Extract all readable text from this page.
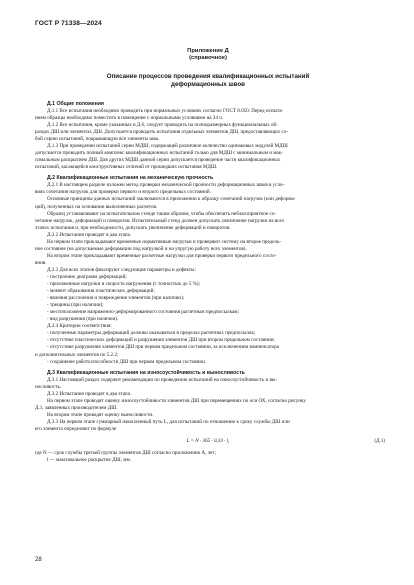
ГОСТ Р 71338—2024
Приложение Д
(справочное)
Описание процессов проведения квалификационных испытаний
деформационных швов
Д.1 Общие положения
Д.1.1 Все испытания необходимо проводить при нормальных условиях согласно ГОСТ 8.050. Перед испыта-
нием образцы необходимо поместить в помещение с нормальными условиями на 24 ч.
Д.1.2 Все испытания, кроме указанных в Д.6, следует проводить на полноразмерных функциональных об-
разцах ДШ или элементах ДШ. Допускается проводить испытания отдельных элементов ДШ, предоставляющих со-
бой серию испытаний, покрывающую все элементы шва.
Д.1.3 При проведении испытаний серии МДШ, содержащей различное количество одинаковых модулей МДШ
допускается проводить полный комплекс квалификационных испытаний только для МДШ с минимальным и мак-
симальным раскрытием ДШ. Для других МДШ данной серии допускается проведение части квалификационных
испытаний, касающейся конструктивных отличий от прошедших испытания МДШ.
Д.2 Квалификационные испытания на механическую прочность
Д.2.1 В настоящем разделе изложен метод проверки механической прочности деформационных швов в усло-
виях сочетания нагрузок для проверки первого и второго предельных состояний.
Основные принципы данных испытаний заключаются в приложении к образцу сочетаний нагрузок (или деформа-
ций), полученных на основании выполненных расчетов.
Образец устанавливают на испытательном стенде таким образом, чтобы обеспечить неблагоприятное со-
четание нагрузок, деформаций и поворотов. Испытательный стенд должен допускать увеличение нагрузки на всех
этапах испытания и, при необходимости, допускать увеличение деформаций и поворотов.
Д.2.2 Испытания проводят в два этапа.
На первом этапе прикладывают временные нормативные нагрузки и проверяют систему на второе предель-
ное состояние (на допускаемые деформации под нагрузкой и на упругую работу всех элементов).
На втором этапе прикладывают временные расчетные нагрузки для проверки первого предельного состо-
яния.
Д.2.3 Для всех этапов фиксируют следующие параметры и дефекты:
- построение диаграмм деформаций;
- приложенные нагрузки и скорость нагружения (с точностью до 5 %);
- момент образования пластических деформаций;
- явления расслоения и повреждения элементов (при наличии);
- трещины (при наличии);
- местоположение напряженно-деформированного состояния расчетным предпосылкам;
- вид разрушения (при наличии).
Д.2.4 Критерии соответствия:
- полученные параметры деформаций должны оказываться в пределах расчетных предпосылок;
- отсутствие пластических деформаций и разрушения элементов ДШ при втором предельном состоянии;
- отсутствие разрушения элементов ДШ при первом предельном состоянии, за исключением компенсатора
и дополнительных элементов по 5.2.2;
- сохранение работоспособности ДШ при первом предельном состоянии.
Д.3 Квалификационные испытания на износоустойчивость и выносливость
Д.3.1 Настоящий раздел содержит рекомендации по проведению испытаний на износоустойчивость и вы-
носливость.
Д.3.2 Испытания проводят в два этапа.
На первом этапе проводят оценку износоустойчивости элементов ДШ при перемещениях по оси ОХ, согласно рисунку
Д.1, заявленных производителем ДШ.
На втором этапе проводят оценку выносливости.
Д.3.3 На первом этапе суммарный накопленный путь L, для испытаний по отношению к сроку службы ДШ или
его элемента определяют по формуле
L = N · 365 · 0,33 · l,	(Д.1)
где N — срок службы третьей группы элементов ДШ согласно приложению А, лет;
l — максимальное раскрытие ДШ, мм.
28
